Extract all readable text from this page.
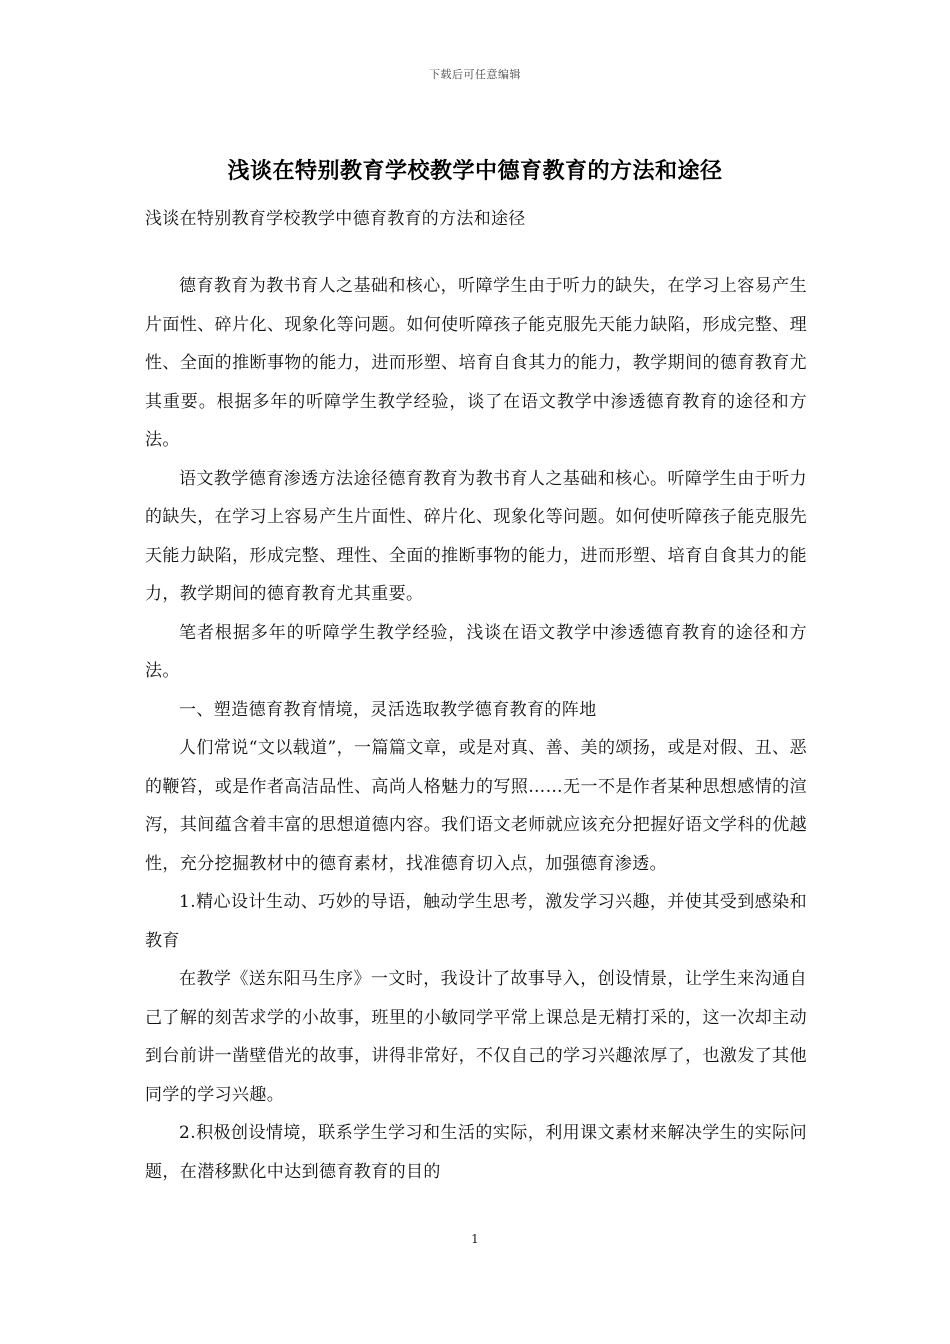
下载后可任意编辑
浅谈在特别教育学校教学中德育教育的方法和途径
浅谈在特别教育学校教学中德育教育的方法和途径

德育教育为教书育人之基础和核心，听障学生由于听力的缺失，在学习上容易产生片面性、碎片化、现象化等问题。如何使听障孩子能克服先天能力缺陷，形成完整、理性、全面的推断事物的能力，进而形塑、培育自食其力的能力，教学期间的德育教育尤其重要。根据多年的听障学生教学经验，谈了在语文教学中渗透德育教育的途径和方法。

语文教学德育渗透方法途径德育教育为教书育人之基础和核心。听障学生由于听力的缺失，在学习上容易产生片面性、碎片化、现象化等问题。如何使听障孩子能克服先天能力缺陷，形成完整、理性、全面的推断事物的能力，进而形塑、培育自食其力的能力，教学期间的德育教育尤其重要。

笔者根据多年的听障学生教学经验，浅谈在语文教学中渗透德育教育的途径和方法。

一、塑造德育教育情境，灵活选取教学德育教育的阵地

人们常说“文以载道”，一篇篇文章，或是对真、善、美的颂扬，或是对假、丑、恶的鞭笞，或是作者高洁品性、高尚人格魅力的写照……无一不是作者某种思想感情的渲泻，其间蕴含着丰富的思想道德内容。我们语文老师就应该充分把握好语文学科的优越性，充分挖掘教材中的德育素材，找准德育切入点，加强德育渗透。

1.精心设计生动、巧妙的导语，触动学生思考，激发学习兴趣，并使其受到感染和教育

在教学《送东阳马生序》一文时，我设计了故事导入，创设情景，让学生来沟通自己了解的刻苦求学的小故事，班里的小敏同学平常上课总是无精打采的，这一次却主动到台前讲一凿壁借光的故事，讲得非常好，不仅自己的学习兴趣浓厚了，也激发了其他同学的学习兴趣。

2.积极创设情境，联系学生学习和生活的实际，利用课文素材来解决学生的实际问题，在潜移默化中达到德育教育的目的

1
